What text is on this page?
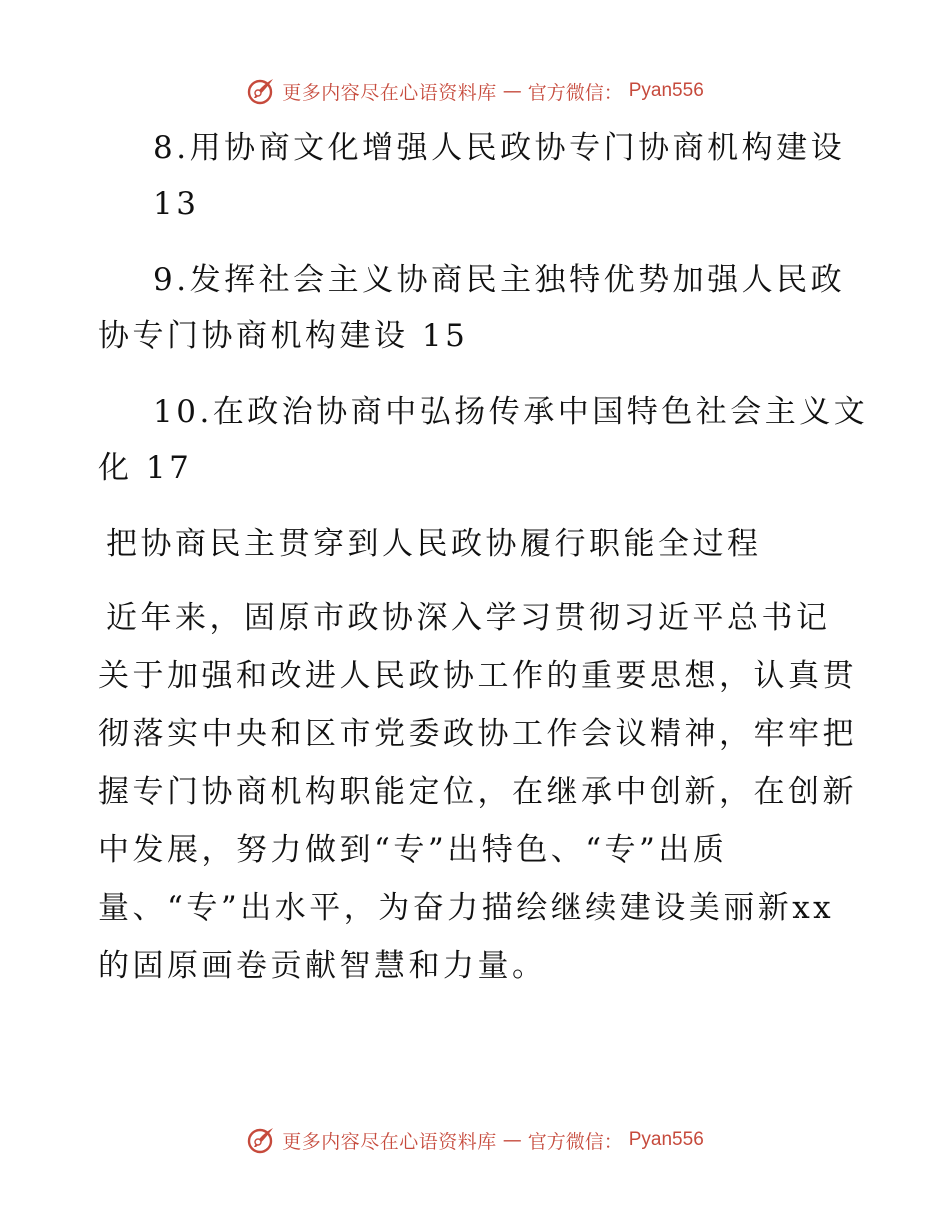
更多内容尽在心语资料库 — 官方微信： Pyan556
8.用协商文化增强人民政协专门协商机构建设
13
9.发挥社会主义协商民主独特优势加强人民政
协专门协商机构建设 15
10.在政治协商中弘扬传承中国特色社会主义文
化 17
把协商民主贯穿到人民政协履行职能全过程
近年来，固原市政协深入学习贯彻习近平总书记
关于加强和改进人民政协工作的重要思想，认真贯
彻落实中央和区市党委政协工作会议精神，牢牢把
握专门协商机构职能定位，在继承中创新，在创新
中发展，努力做到“专”出特色、“专”出质
量、“专”出水平，为奋力描绘继续建设美丽新xx
的固原画卷贡献智慧和力量。
更多内容尽在心语资料库 — 官方微信： Pyan556
